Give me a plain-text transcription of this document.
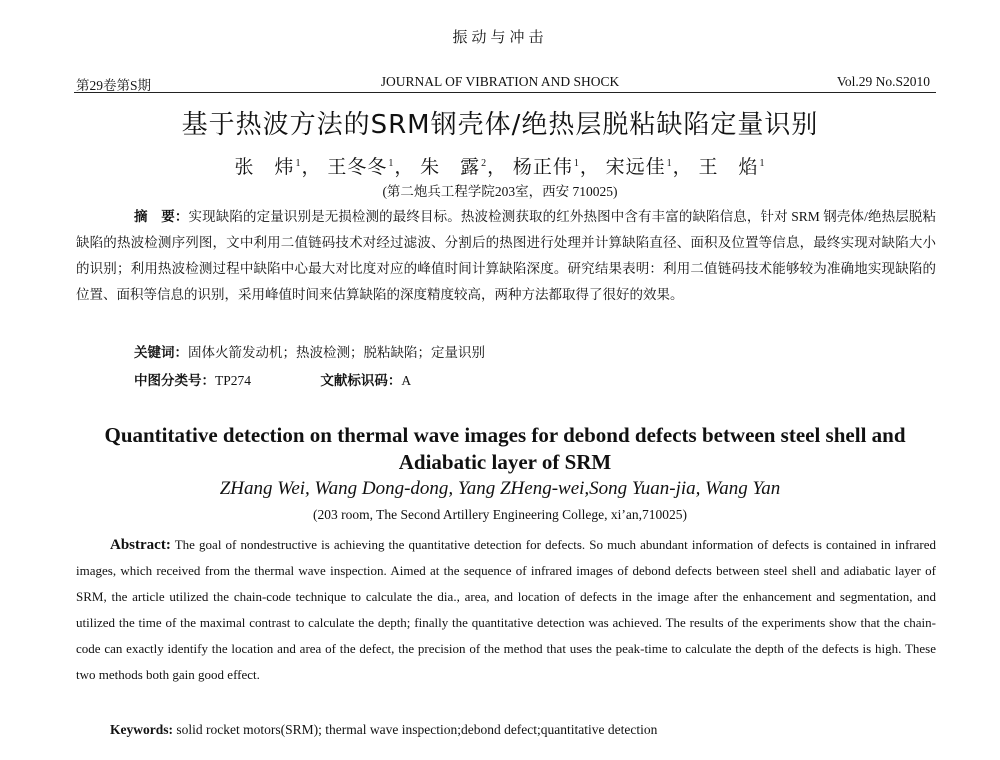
振动与冲击
第29卷第S期	JOURNAL OF VIBRATION AND SHOCK	Vol.29 No.S2010
基于热波方法的SRM钢壳体/绝热层脱粘缺陷定量识别
张　炜$^1$， 王冬冬$^1$， 朱　露$^2$， 杨正伟$^1$， 宋远佳$^1$， 王　焰$^1$
(第二炮兵工程学院203室，西安 710025)
摘　要：实现缺陷的定量识别是无损检测的最终目标。热波检测获取的红外热图中含有丰富的缺陷信息，针对 SRM 钢壳体/绝热层脱粘缺陷的热波检测序列图，文中利用二值链码技术对经过滤波、分割后的热图进行处理并计算缺陷直径、面积及位置等信息，最终实现对缺陷大小的识别；利用热波检测过程中缺陷中心最大对比度对应的峰值时间计算缺陷深度。研究结果表明：利用二值链码技术能够较为准确地实现缺陷的位置、面积等信息的识别，采用峰值时间来估算缺陷的深度精度较高，两种方法都取得了很好的效果。
关键词：固体火箭发动机；热波检测；脱粘缺陷；定量识别
中图分类号：TP274	文献标识码：A
Quantitative detection on thermal wave images for debond defects between steel shell and Adiabatic layer of SRM
ZHang Wei, Wang Dong-dong, Yang ZHeng-wei,Song Yuan-jia, Wang Yan
(203 room, The Second Artillery Engineering College, xi’an,710025)
Abstract: The goal of nondestructive is achieving the quantitative detection for defects. So much abundant information of defects is contained in infrared images, which received from the thermal wave inspection. Aimed at the sequence of infrared images of debond defects between steel shell and adiabatic layer of SRM, the article utilized the chain-code technique to calculate the dia., area, and location of defects in the image after the enhancement and segmentation, and utilized the time of the maximal contrast to calculate the depth; finally the quantitative detection was achieved. The results of the experiments show that the chain-code can exactly identify the location and area of the defect, the precision of the method that uses the peak-time to calculate the depth of the defects is high. These two methods both gain good effect.
Keywords: solid rocket motors(SRM); thermal wave inspection;debond defect;quantitative detection
